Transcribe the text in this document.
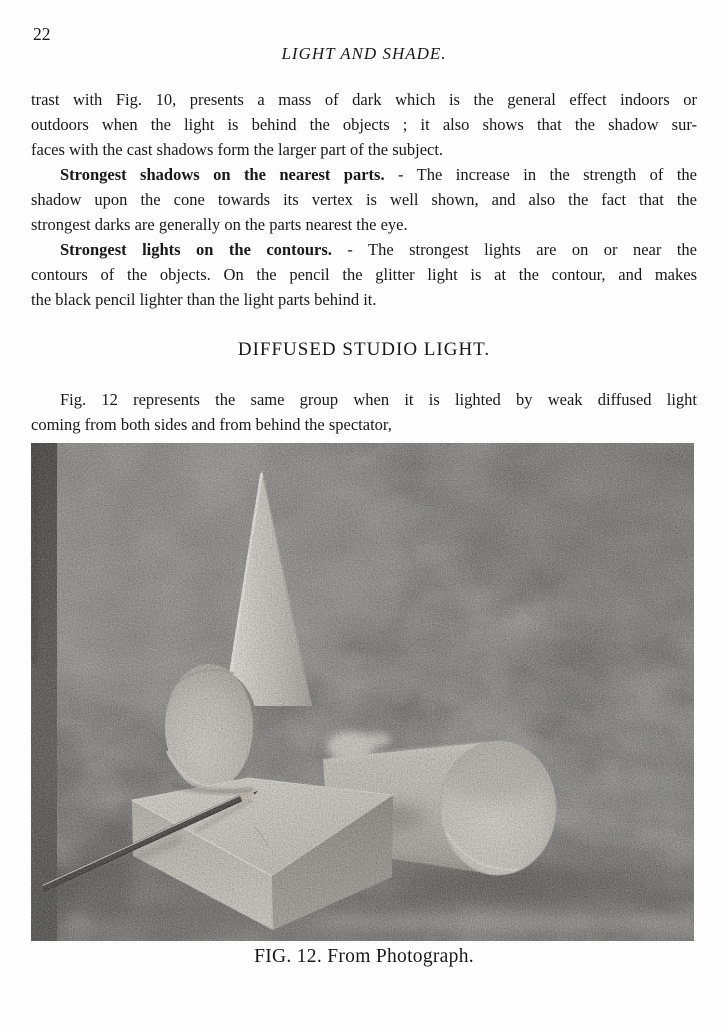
22
LIGHT AND SHADE.
trast with Fig. 10, presents a mass of dark which is the general effect indoors or
outdoors when the light is behind the objects ; it also shows that the shadow sur-
faces with the cast shadows form the larger part of the subject.
Strongest shadows on the nearest parts. - The increase in the strength of the
shadow upon the cone towards its vertex is well shown, and also the fact that the
strongest darks are generally on the parts nearest the eye.
Strongest lights on the contours. - The strongest lights are on or near the
contours of the objects. On the pencil the glitter light is at the contour, and makes
the black pencil lighter than the light parts behind it.
DIFFUSED STUDIO LIGHT.
Fig. 12 represents the same group when it is lighted by weak diffused light
coming from both sides and from behind the spectator,
FIG. 12. From Photograph.
